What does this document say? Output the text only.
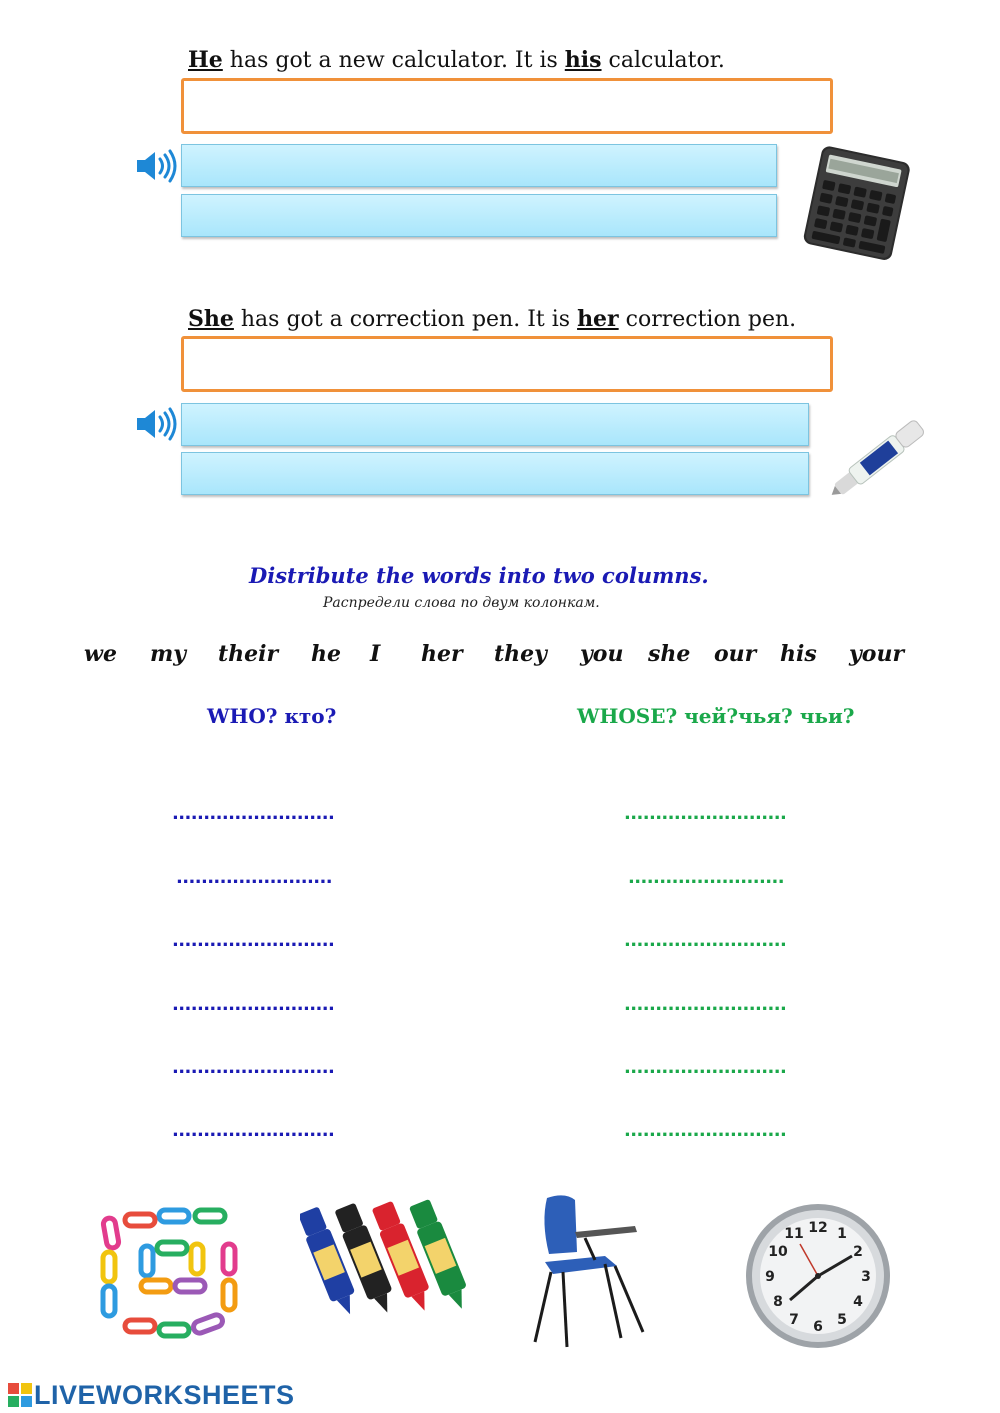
He has got a new calculator. It is his calculator.
She has got a correction pen. It is her correction pen.
Distribute the words into two columns.
Распредели слова по двум колонкам.
we my their he I her they you she our his your
WHO? кто?	WHOSE? чей?чья? чьи?
..........................
.........................
..........................
..........................
..........................
..........................
..........................
.........................
..........................
..........................
..........................
..........................
12 1
2
3
4
5
6
7
8
9
10
11
LIVEWORKSHEETS
